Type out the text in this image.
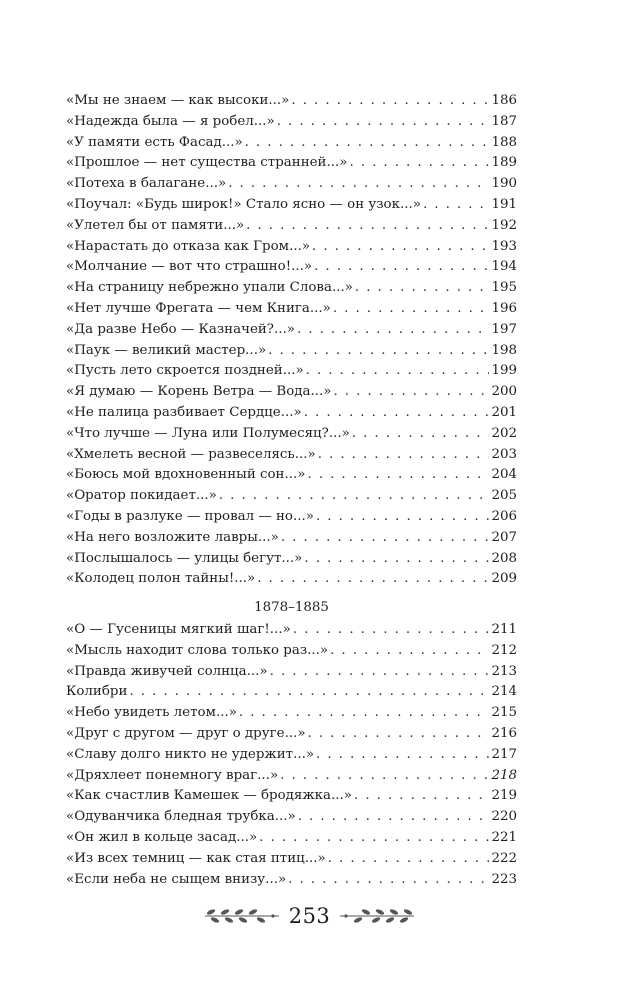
«Мы не знаем — как высоки...» . . .	186
«Надежда была — я робел...» . . .	187
«У памяти есть Фасад...» . . .	188
«Прошлое — нет существа странней...» . . .	189
«Потеха в балагане...» . . .	190
«Поучал: «Будь широк!» Стало ясно — он узок...» . . .	191
«Улетел бы от памяти...» . . .	192
«Нарастать до отказа как Гром...» . . .	193
«Молчание — вот что страшно!...» . . .	194
«На страницу небрежно упали Слова...» . . .	195
«Нет лучше Фрегата — чем Книга...» . . .	196
«Да разве Небо — Казначей?...» . . .	197
«Паук — великий мастер...» . . .	198
«Пусть лето скроется поздней...» . . .	199
«Я думаю — Корень Ветра — Вода...» . . .	200
«Не палица разбивает Сердце...» . . .	201
«Что лучше — Луна или Полумесяц?...» . . .	202
«Хмелеть весной — развеселясь...» . . .	203
«Боюсь мой вдохновенный сон...» . . .	204
«Оратор покидает...» . . .	205
«Годы в разлуке — провал — но...» . . .	206
«На него возложите лавры...» . . .	207
«Послышалось — улицы бегут...» . . .	208
«Колодец полон тайны!...» . . .	209
1878–1885
«О — Гусеницы мягкий шаг!...» . . .	211
«Мысль находит слова только раз...» . . .	212
«Правда живучей солнца...» . . .	213
Колибри . . .	214
«Небо увидеть летом...» . . .	215
«Друг с другом — друг о друге...» . . .	216
«Славу долго никто не удержит...» . . .	217
«Дряхлеет понемногу враг...» . . .	218
«Как счастлив Камешек — бродяжка...» . . .	219
«Одуванчика бледная трубка...» . . .	220
«Он жил в кольце засад...» . . .	221
«Из всех темниц — как стая птиц...» . . .	222
«Если неба не сыщем внизу...» . . .	223
253
